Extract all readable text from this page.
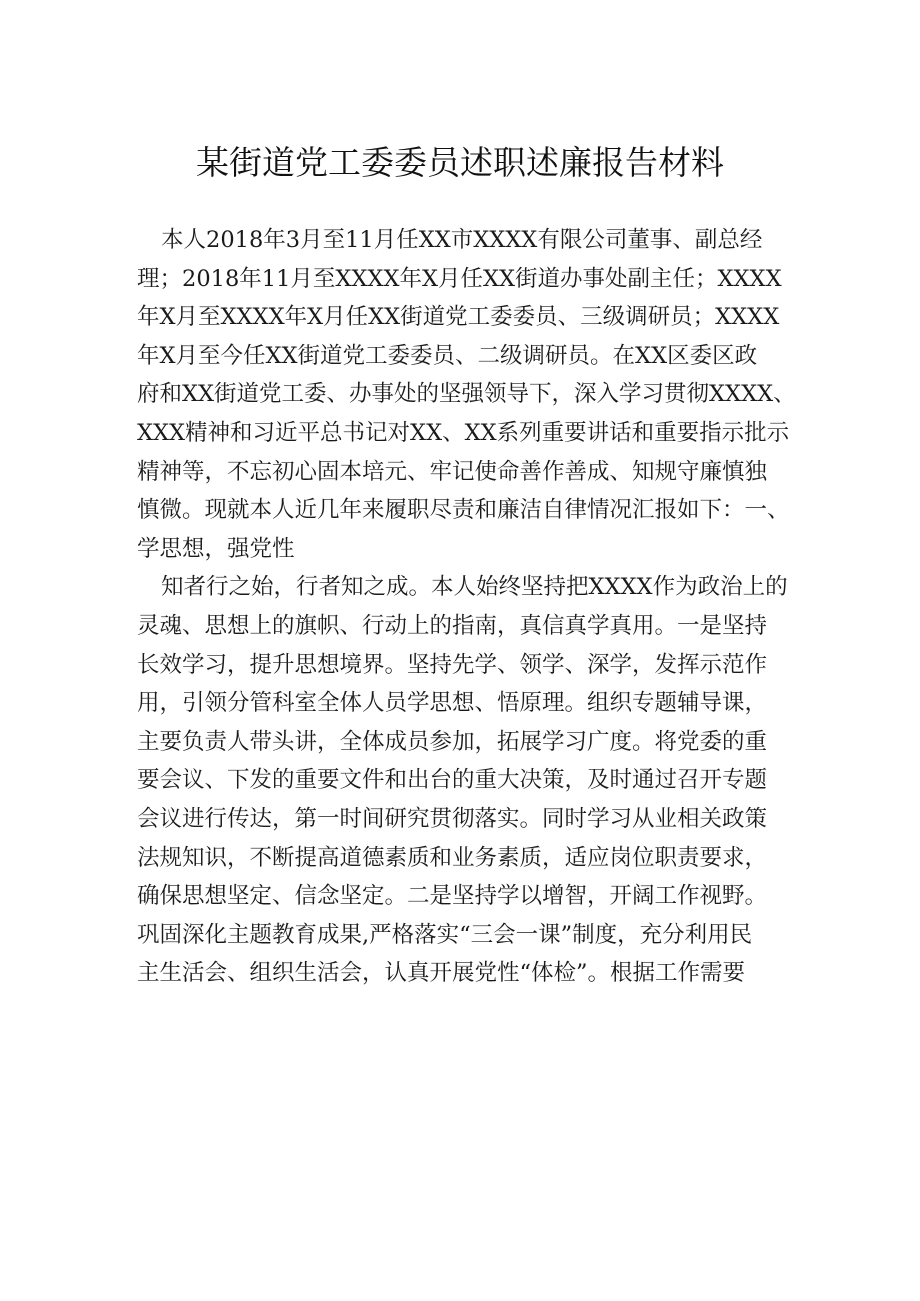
某街道党工委委员述职述廉报告材料
本人2018年3月至11月任XX市XXXX有限公司董事、副总经
理；2018年11月至XXXX年X月任XX街道办事处副主任；XXXX
年X月至XXXX年X月任XX街道党工委委员、三级调研员；XXXX
年X月至今任XX街道党工委委员、二级调研员。在XX区委区政
府和XX街道党工委、办事处的坚强领导下，深入学习贯彻XXXX、
XXX精神和习近平总书记对XX、XX系列重要讲话和重要指示批示
精神等，不忘初心固本培元、牢记使命善作善成、知规守廉慎独
慎微。现就本人近几年来履职尽责和廉洁自律情况汇报如下：一、
学思想，强党性
知者行之始，行者知之成。本人始终坚持把XXXX作为政治上的
灵魂、思想上的旗帜、行动上的指南，真信真学真用。一是坚持
长效学习，提升思想境界。坚持先学、领学、深学，发挥示范作
用，引领分管科室全体人员学思想、悟原理。组织专题辅导课，
主要负责人带头讲，全体成员参加，拓展学习广度。将党委的重
要会议、下发的重要文件和出台的重大决策，及时通过召开专题
会议进行传达，第一时间研究贯彻落实。同时学习从业相关政策
法规知识，不断提高道德素质和业务素质，适应岗位职责要求，
确保思想坚定、信念坚定。二是坚持学以增智，开阔工作视野。
巩固深化主题教育成果,严格落实“三会一课”制度，充分利用民
主生活会、组织生活会，认真开展党性“体检”。根据工作需要
